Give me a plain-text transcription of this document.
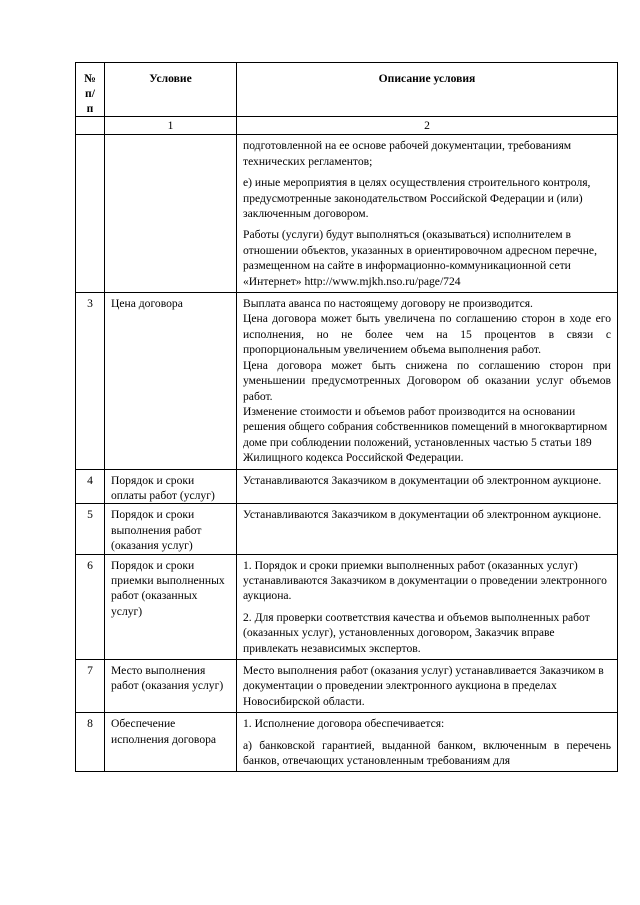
№ п/п	Условие	Описание условия
	1	2

		подготовленной на ее основе рабочей документации, требованиям технических регламентов;

е) иные мероприятия в целях осуществления строительного контроля, предусмотренные законодательством Российской Федерации и (или) заключенным договором.

Работы (услуги) будут выполняться (оказываться) исполнителем в отношении объектов, указанных в ориентировочном адресном перечне, размещенном на сайте в информационно-коммуникационной сети «Интернет» http://www.mjkh.nso.ru/page/724

3	Цена договора	Выплата аванса по настоящему договору не производится.

Цена договора может быть увеличена по соглашению сторон в ходе его исполнения, но не более чем на 15 процентов в связи с пропорциональным увеличением объема выполнения работ.

Цена договора может быть снижена по соглашению сторон при уменьшении предусмотренных Договором об оказании услуг объемов работ.

Изменение стоимости и объемов работ производится на основании решения общего собрания собственников помещений в многоквартирном доме при соблюдении положений, установленных частью 5 статьи 189 Жилищного кодекса Российской Федерации.

4	Порядок и сроки оплаты работ (услуг)	Устанавливаются Заказчиком в документации об электронном аукционе.

5	Порядок и сроки выполнения работ (оказания услуг)	Устанавливаются Заказчиком в документации об электронном аукционе.

6	Порядок и сроки приемки выполненных работ (оказанных услуг)	1. Порядок и сроки приемки выполненных работ (оказанных услуг) устанавливаются Заказчиком в документации о проведении электронного аукциона.

2. Для проверки соответствия качества и объемов выполненных работ (оказанных услуг), установленных договором, Заказчик вправе привлекать независимых экспертов.

7	Место выполнения работ (оказания услуг)	Место выполнения работ (оказания услуг) устанавливается Заказчиком в документации о проведении электронного аукциона в пределах Новосибирской области.

8	Обеспечение исполнения договора	1. Исполнение договора обеспечивается:

а) банковской гарантией, выданной банком, включенным в перечень банков, отвечающих установленным требованиям для
